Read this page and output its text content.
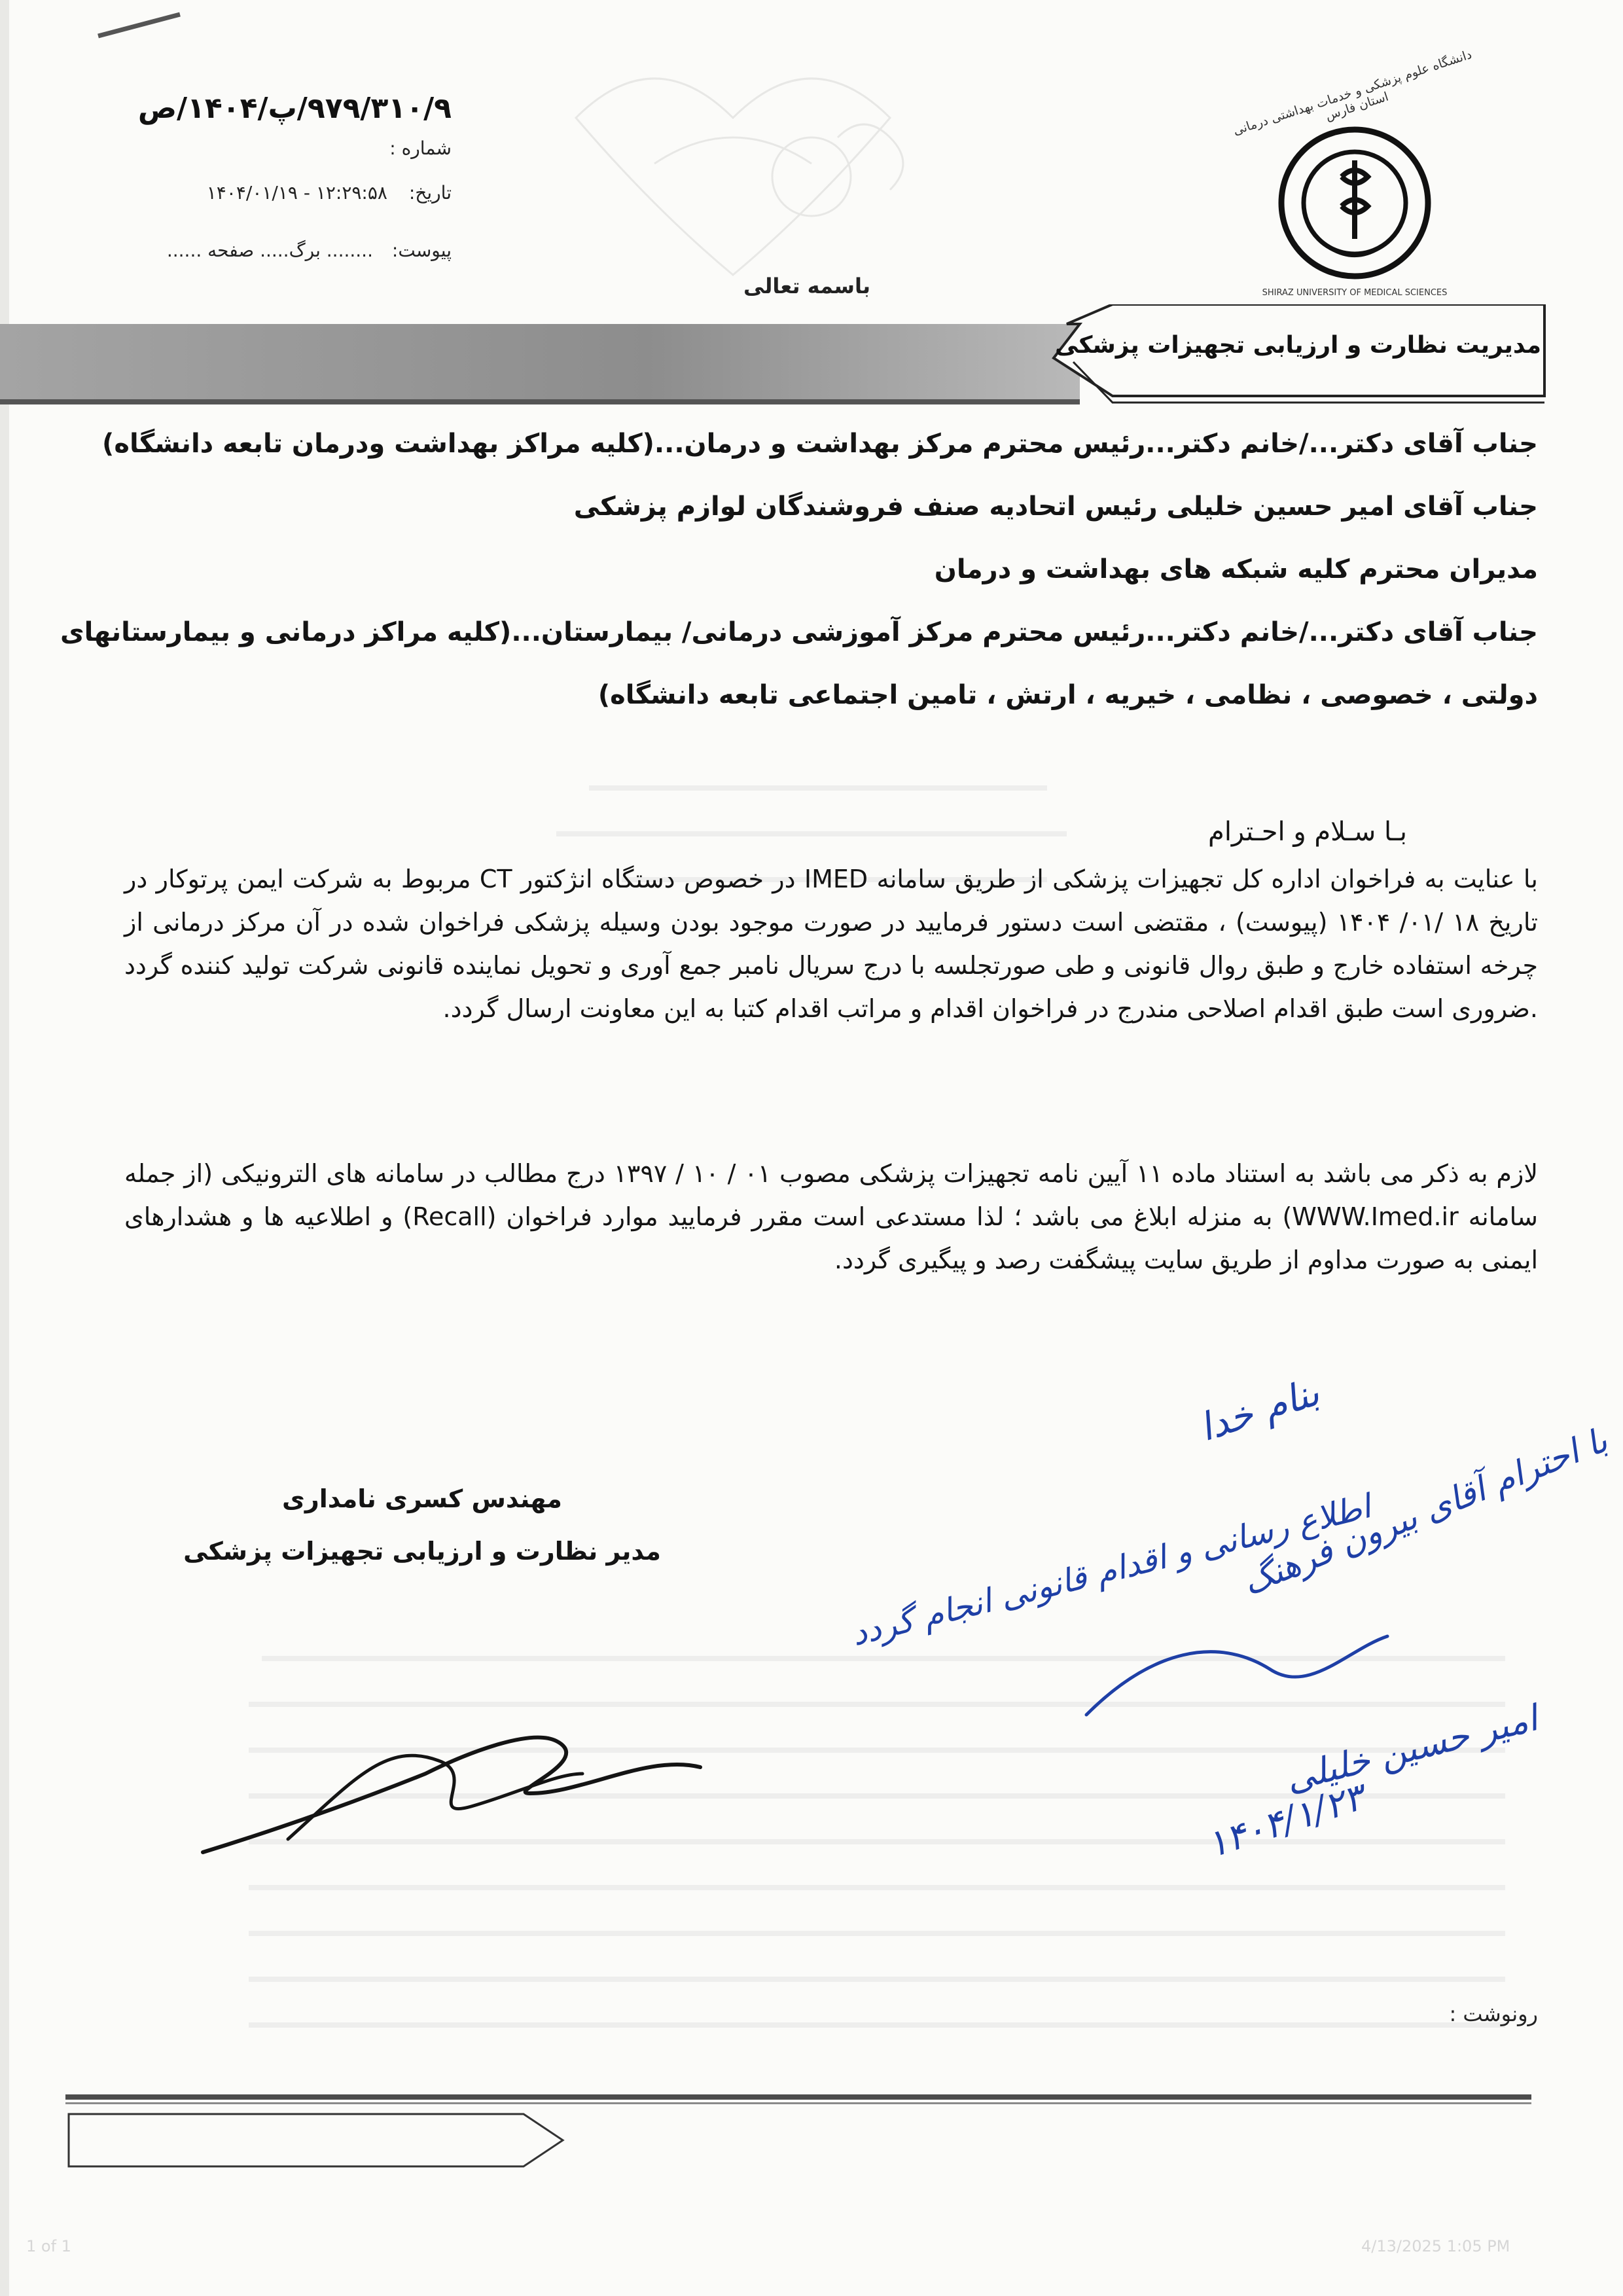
دانشگاه علوم پزشکی و خدمات بهداشتی درمانی استان فارس
SHIRAZ UNIVERSITY OF MEDICAL SCIENCES
۹۷۹/۳۱۰/۹/پ/۱۴۰۴/ص
شماره :
تاریخ: ۱۲:۲۹:۵۸ - ۱۴۰۴/۰۱/۱۹
پیوست: ........ برگ..... صفحه ......
باسمه تعالی
مدیریت نظارت و ارزیابی تجهیزات پزشکی
جناب آقای دکتر.../خانم دکتر...رئیس محترم مرکز بهداشت و درمان...(کلیه مراکز بهداشت ودرمان تابعه دانشگاه)
جناب آقای امیر حسین خلیلی رئیس اتحادیه صنف فروشندگان لوازم پزشکی
مدیران محترم کلیه شبکه های بهداشت و درمان
جناب آقای دکتر.../خانم دکتر...رئیس محترم مرکز آموزشی درمانی/ بیمارستان...(کلیه مراکز درمانی و بیمارستانهای
دولتی ، خصوصی ، نظامی ، خیریه ، ارتش ، تامین اجتماعی تابعه دانشگاه)
بـا سـلام و احـترام
با عنایت به فراخوان اداره کل تجهیزات پزشکی از طریق سامانه IMED در خصوص دستگاه انژکتور CT مربوط به شرکت ایمن پرتوکار در تاریخ ۱۸ /۰۱/ ۱۴۰۴ (پیوست) ، مقتضی است دستور فرمایید در صورت موجود بودن وسیله پزشکی فراخوان شده در آن مرکز درمانی از چرخه استفاده خارج و طبق روال قانونی و طی صورتجلسه با درج سریال نامبر جمع آوری و تحویل نماینده قانونی شرکت تولید کننده گردد .ضروری است طبق اقدام اصلاحی مندرج در فراخوان اقدام و مراتب اقدام کتبا به این معاونت ارسال گردد.
لازم به ذکر می باشد به استناد ماده ۱۱ آیین نامه تجهیزات پزشکی مصوب ۰۱ / ۱۰ / ۱۳۹۷ درج مطالب در سامانه های الترونیکی (از جمله سامانه WWW.Imed.ir) به منزله ابلاغ می باشد ؛ لذا مستدعی است مقرر فرمایید موارد فراخوان (Recall) و اطلاعیه ها و هشدارهای ایمنی به صورت مداوم از طریق سایت پیشگفت رصد و پیگیری گردد.
مهندس کسری نامداری
مدیر نظارت و ارزیابی تجهیزات پزشکی
بنام خدا
با احترام آقای بیرون فرهنگ
اطلاع رسانی و اقدام قانونی انجام گردد
امیر حسین خلیلی
۱۴۰۴/۱/۲۳
رونوشت :
1 of 1	4/13/2025 1:05 PM
